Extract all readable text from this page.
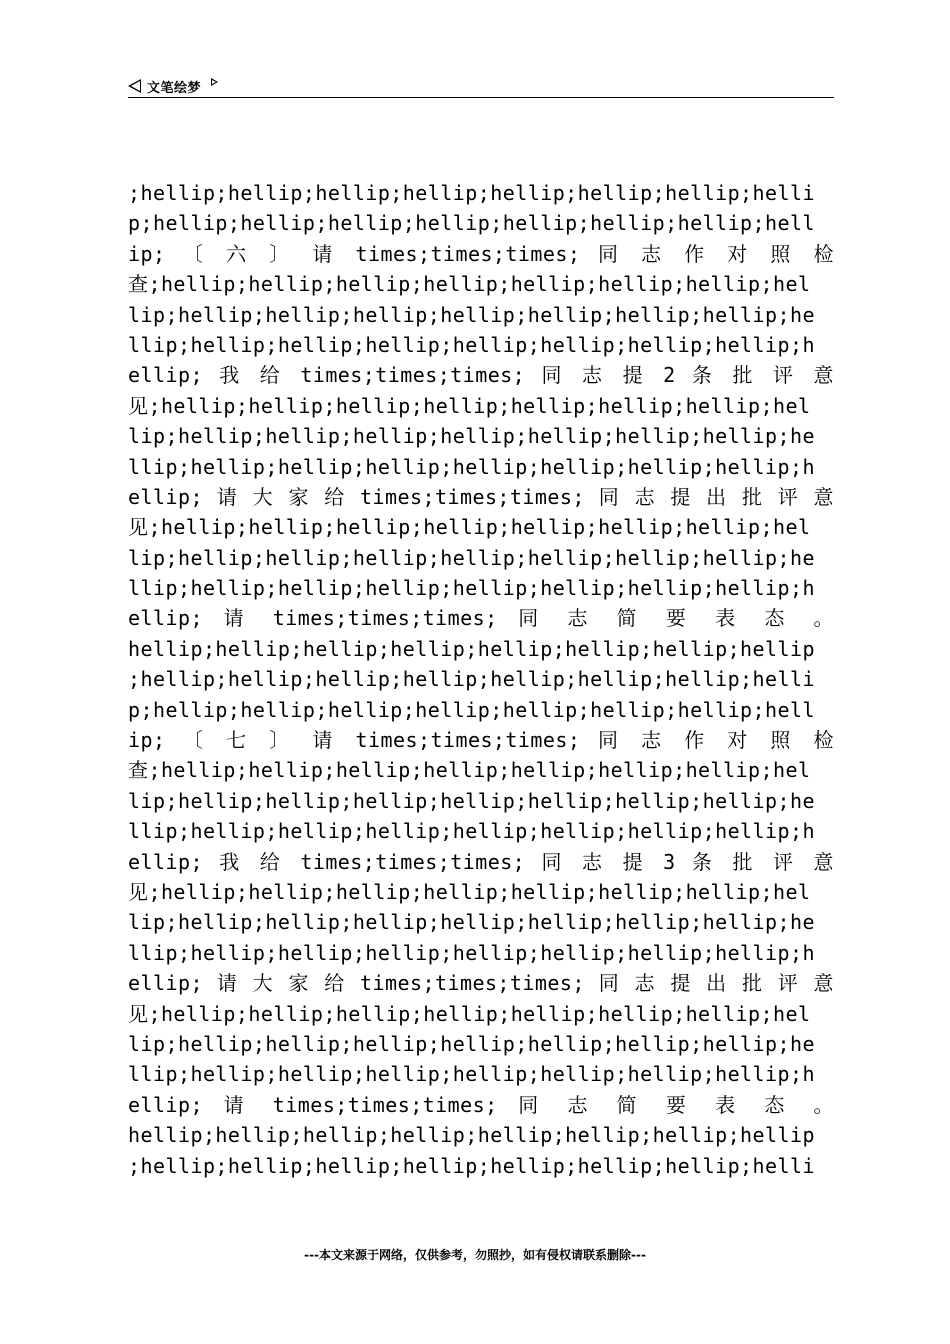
文笔绘梦
;hellip;hellip;hellip;hellip;hellip;hellip;hellip;helli
p;hellip;hellip;hellip;hellip;hellip;hellip;hellip;hell
ip; 〔 六 〕 请 times;times;times; 同 志 作 对 照 检
查;hellip;hellip;hellip;hellip;hellip;hellip;hellip;hel
lip;hellip;hellip;hellip;hellip;hellip;hellip;hellip;he
llip;hellip;hellip;hellip;hellip;hellip;hellip;hellip;h
ellip; 我 给 times;times;times; 同 志 提 2 条 批 评 意
见;hellip;hellip;hellip;hellip;hellip;hellip;hellip;hel
lip;hellip;hellip;hellip;hellip;hellip;hellip;hellip;he
llip;hellip;hellip;hellip;hellip;hellip;hellip;hellip;h
ellip; 请 大 家 给 times;times;times; 同 志 提 出 批 评 意
见;hellip;hellip;hellip;hellip;hellip;hellip;hellip;hel
lip;hellip;hellip;hellip;hellip;hellip;hellip;hellip;he
llip;hellip;hellip;hellip;hellip;hellip;hellip;hellip;h
ellip; 请 times;times;times; 同 志 简 要 表 态 。
hellip;hellip;hellip;hellip;hellip;hellip;hellip;hellip
;hellip;hellip;hellip;hellip;hellip;hellip;hellip;helli
p;hellip;hellip;hellip;hellip;hellip;hellip;hellip;hell
ip; 〔 七 〕 请 times;times;times; 同 志 作 对 照 检
查;hellip;hellip;hellip;hellip;hellip;hellip;hellip;hel
lip;hellip;hellip;hellip;hellip;hellip;hellip;hellip;he
llip;hellip;hellip;hellip;hellip;hellip;hellip;hellip;h
ellip; 我 给 times;times;times; 同 志 提 3 条 批 评 意
见;hellip;hellip;hellip;hellip;hellip;hellip;hellip;hel
lip;hellip;hellip;hellip;hellip;hellip;hellip;hellip;he
llip;hellip;hellip;hellip;hellip;hellip;hellip;hellip;h
ellip; 请 大 家 给 times;times;times; 同 志 提 出 批 评 意
见;hellip;hellip;hellip;hellip;hellip;hellip;hellip;hel
lip;hellip;hellip;hellip;hellip;hellip;hellip;hellip;he
llip;hellip;hellip;hellip;hellip;hellip;hellip;hellip;h
ellip; 请 times;times;times; 同 志 简 要 表 态 。
hellip;hellip;hellip;hellip;hellip;hellip;hellip;hellip
;hellip;hellip;hellip;hellip;hellip;hellip;hellip;helli
---本文来源于网络，仅供参考，勿照抄，如有侵权请联系删除---
